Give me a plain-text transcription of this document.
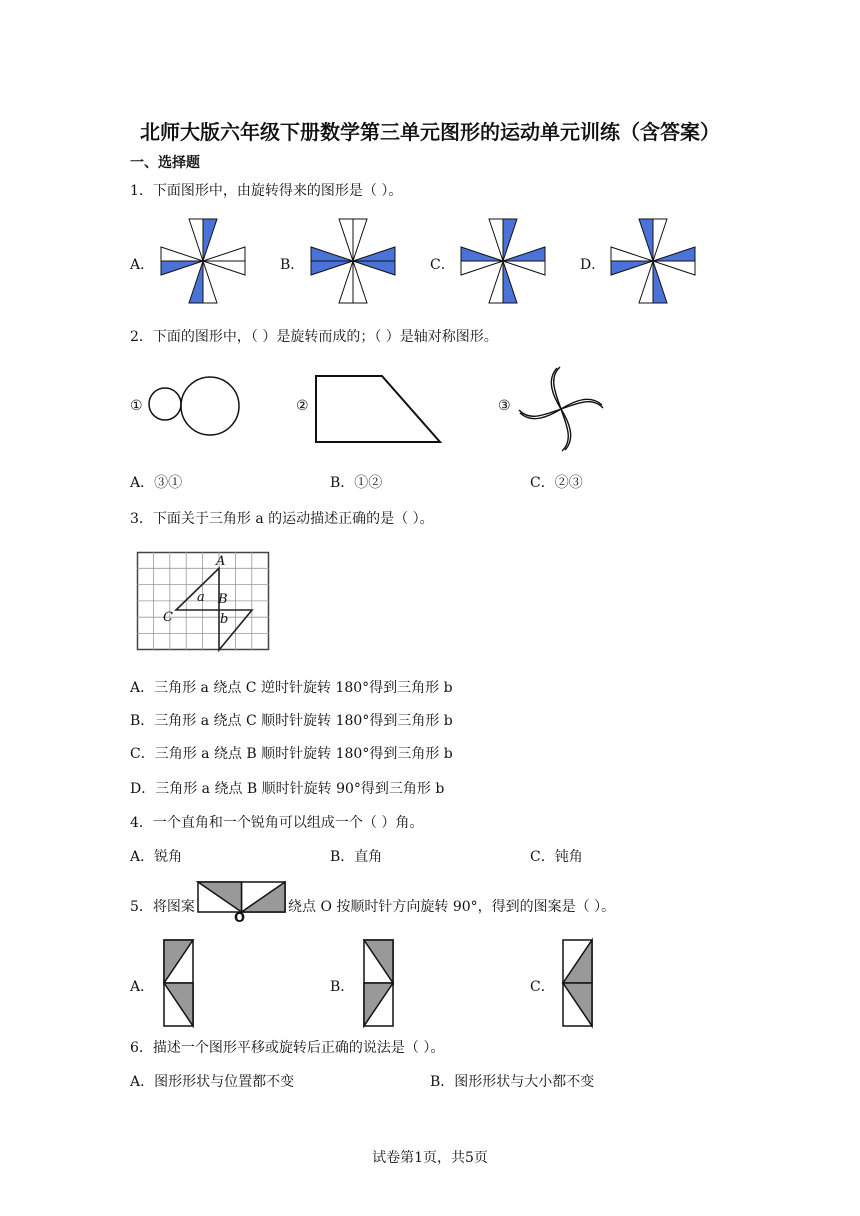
北师大版六年级下册数学第三单元图形的运动单元训练（含答案）
一、选择题
1．下面图形中，由旋转得来的图形是（ ）。
A．	B．	C．	D．
2．下面的图形中，（ ）是旋转而成的；（ ）是轴对称图形。
①	②	③
A．③①	B．①②	C．②③
3．下面关于三角形 a 的运动描述正确的是（ ）。
A
a B
C	b
A．三角形 a 绕点 C 逆时针旋转 180°得到三角形 b
B．三角形 a 绕点 C 顺时针旋转 180°得到三角形 b
C．三角形 a 绕点 B 顺时针旋转 180°得到三角形 b
D．三角形 a 绕点 B 顺时针旋转 90°得到三角形 b
4．一个直角和一个锐角可以组成一个（ ）角。
A．锐角	B．直角	C．钝角
5．将图案
O
绕点 O 按顺时针方向旋转 90°，得到的图案是（ ）。
A．	B．	C．
6．描述一个图形平移或旋转后正确的说法是（ ）。
A．图形形状与位置都不变	B．图形形状与大小都不变
试卷第1页，共5页
